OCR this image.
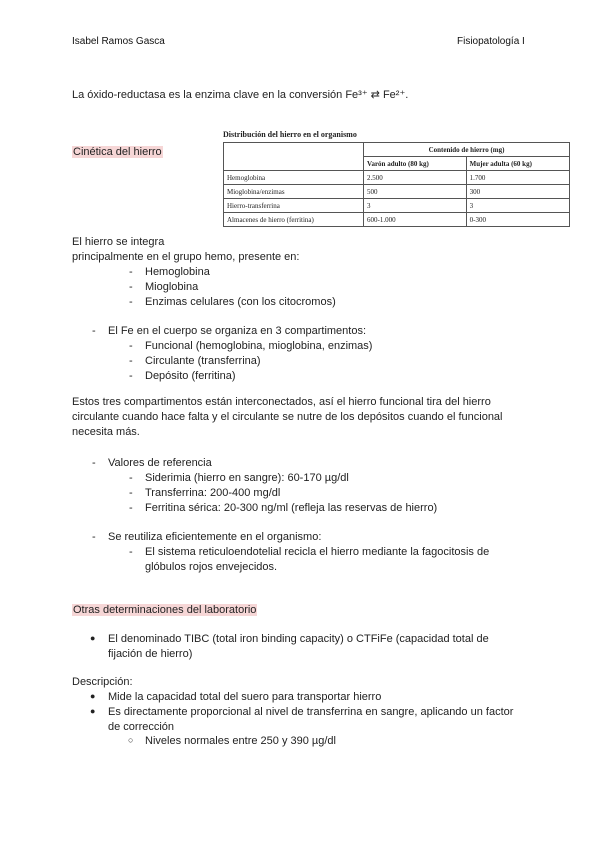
Isabel Ramos Gasca	Fisiopatología I
La óxido-reductasa es la enzima clave en la conversión Fe³⁺ ⇄ Fe²⁺.
Cinética del hierro
Distribución del hierro en el organismo
	Contenido de hierro (mg)	
	Varón adulto (80 kg)	Mujer adulta (60 kg)
Hemoglobina	2.500	1.700
Mioglobina/enzimas	500	300
Hierro-transferrina	3	3
Almacenes de hierro (ferritina)	600-1.000	0-300
El hierro se integra
principalmente en el grupo hemo, presente en:
- Hemoglobina
- Mioglobina
- Enzimas celulares (con los citocromos)
- El Fe en el cuerpo se organiza en 3 compartimentos:
- Funcional (hemoglobina, mioglobina, enzimas)
- Circulante (transferrina)
- Depósito (ferritina)
Estos tres compartimentos están interconectados, así el hierro funcional tira del hierro
circulante cuando hace falta y el circulante se nutre de los depósitos cuando el funcional
necesita más.
- Valores de referencia
- Siderimia (hierro en sangre): 60-170 µg/dl
- Transferrina: 200-400 mg/dl
- Ferritina sérica: 20-300 ng/ml (refleja las reservas de hierro)
- Se reutiliza eficientemente en el organismo:
- El sistema reticuloendotelial recicla el hierro mediante la fagocitosis de
glóbulos rojos envejecidos.
Otras determinaciones del laboratorio
● El denominado TIBC (total iron binding capacity) o CTFiFe (capacidad total de
fijación de hierro)
Descripción:
● Mide la capacidad total del suero para transportar hierro
● Es directamente proporcional al nivel de transferrina en sangre, aplicando un factor
de corrección
○ Niveles normales entre 250 y 390 µg/dl
